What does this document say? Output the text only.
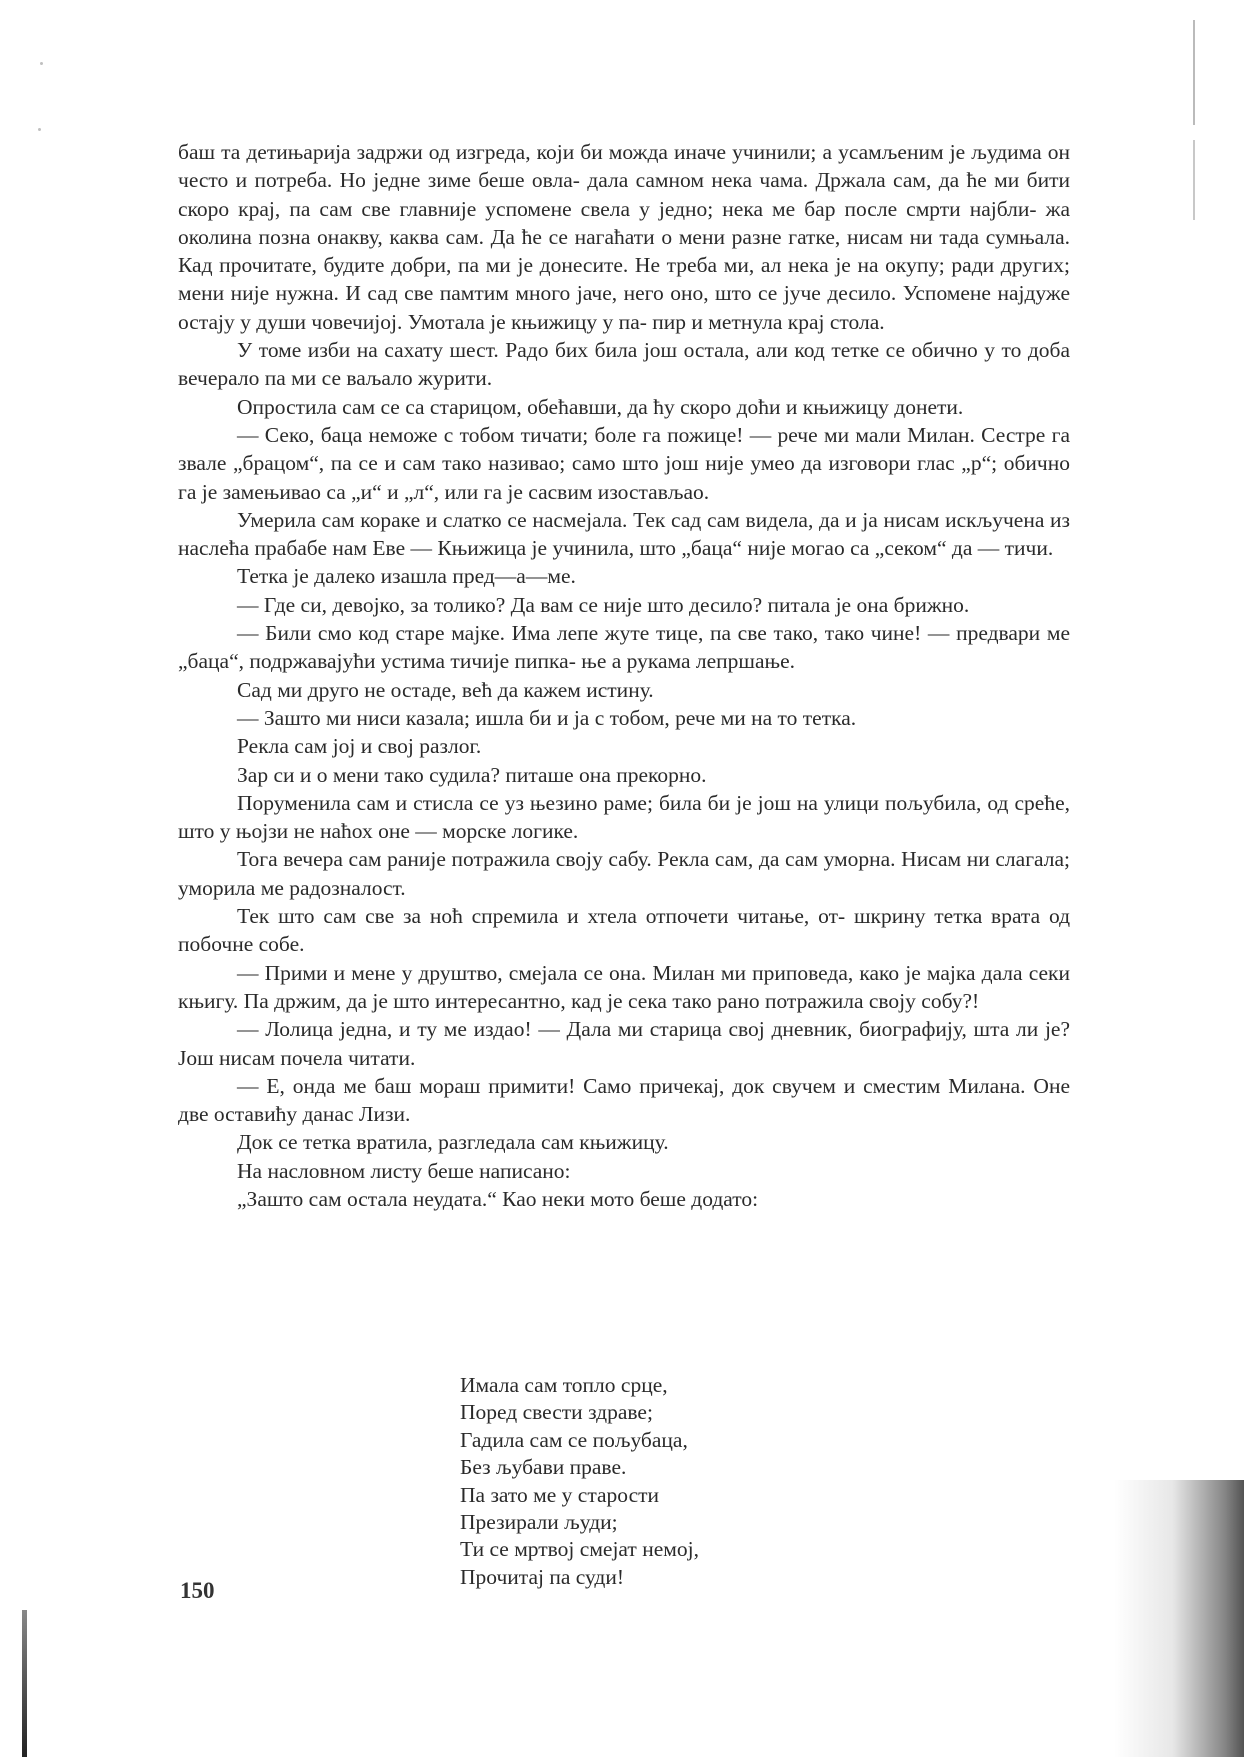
баш та детињарија задржи од изгреда, који би можда иначе учинили; а усамљеним је људима он често и потреба. Но једне зиме беше овла- дала самном нека чама. Држала сам, да ће ми бити скоро крај, па сам све главније успомене свела у једно; нека ме бар после смрти најбли- жа околина позна онакву, каква сам. Да ће се нагаћати о мени разне гатке, нисам ни тада сумњала. Кад прочитате, будите добри, па ми је донесите. Не треба ми, ал нека је на окупу; ради других; мени није нужна. И сад све памтим много јаче, него оно, што се јуче десило. Успомене најдуже остају у души човечијој. Умотала је књижицу у па- пир и метнула крај стола.

У томе изби на сахату шест. Радо бих била још остала, али код тетке се обично у то доба вечерало па ми се ваљало журити.

Опростила сам се са старицом, обећавши, да ћу скоро доћи и књижицу донети.

— Секо, баца неможе с тобом тичати; боле га пожице! — рече ми мали Милан. Сестре га звале „брацом“, па се и сам тако називао; само што још није умео да изговори глас „р“; обично га је замењивао са „и“ и „л“, или га је сасвим изостављао.

Умерила сам кораке и слатко се насмејала. Тек сад сам видела, да и ја нисам искључена из наслећа прабабе нам Еве — Књижица је учинила, што „баца“ није могао са „секом“ да — тичи.

Тетка је далеко изашла пред—а—ме.

— Где си, девојко, за толико? Да вам се није што десило? питала је она брижно.

— Били смо код старе мајке. Има лепе жуте тице, па све тако, тако чине! — предвари ме „баца“, подржавајући устима тичије пипка- ње а рукама лепршање.

Сад ми друго не остаде, већ да кажем истину.

— Зашто ми ниси казала; ишла би и ја с тобом, рече ми на то тетка.

Рекла сам јој и свој разлог.

Зар си и о мени тако судила? питаше она прекорно.

Поруменила сам и стисла се уз њезино раме; била би је још на улици пољубила, од среће, што у њојзи не наћох оне — морске логике.

Тога вечера сам раније потражила своју сабу. Рекла сам, да сам уморна. Нисам ни слагала; уморила ме радозналост.

Тек што сам све за ноћ спремила и хтела отпочети читање, от- шкрину тетка врата од побочне собе.

— Прими и мене у друштво, смејала се она. Милан ми приповеда, како је мајка дала секи књигу. Па држим, да је што интересантно, кад је сека тако рано потражила своју собу?!

— Лолица једна, и ту ме издао! — Дала ми старица свој дневник, биографију, шта ли је? Још нисам почела читати.

— Е, онда ме баш мораш примити! Само причекај, док свучем и сместим Милана. Оне две оставићу данас Лизи.

Док се тетка вратила, разгледала сам књижицу.

На насловном листу беше написано:

„Зашто сам остала неудата.“ Као неки мото беше додато:

Имала сам топло срце,
Поред свести здраве;
Гадила сам се пољубаца,
Без љубави праве.
Па зато ме у старости
Презирали људи;
Ти се мртвој смејат немој,
Прочитај па суди!
150
